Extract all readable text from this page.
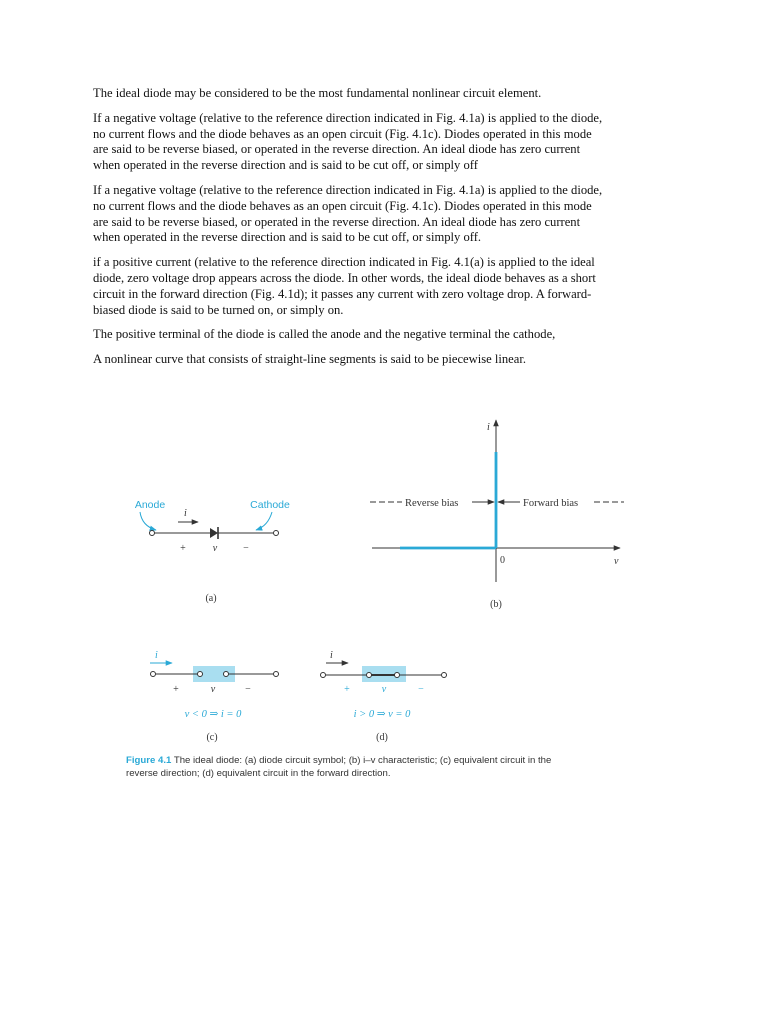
The ideal diode may be considered to be the most fundamental nonlinear circuit element.

If a negative voltage (relative to the reference direction indicated in Fig. 4.1a) is applied to the diode,
no current flows and the diode behaves as an open circuit (Fig. 4.1c). Diodes operated in this mode
are said to be reverse biased, or operated in the reverse direction. An ideal diode has zero current
when operated in the reverse direction and is said to be cut off, or simply off

If a negative voltage (relative to the reference direction indicated in Fig. 4.1a) is applied to the diode,
no current flows and the diode behaves as an open circuit (Fig. 4.1c). Diodes operated in this mode
are said to be reverse biased, or operated in the reverse direction. An ideal diode has zero current
when operated in the reverse direction and is said to be cut off, or simply off.

if a positive current (relative to the reference direction indicated in Fig. 4.1(a) is applied to the ideal
diode, zero voltage drop appears across the diode. In other words, the ideal diode behaves as a short
circuit in the forward direction (Fig. 4.1d); it passes any current with zero voltage drop. A forward-
biased diode is said to be turned on, or simply on.

The positive terminal of the diode is called the anode and the negative terminal the cathode,

A nonlinear curve that consists of straight-line segments is said to be piecewise linear.

Anode	Cathode
i
+	v	−
(a)
i
v
0
Reverse bias	Forward bias
(b)
i
+	v	−
v < 0 ⇒ i = 0
(c)
i
+	v	−
i > 0 ⇒ v = 0
(d)
Figure 4.1 The ideal diode: (a) diode circuit symbol; (b) i–v characteristic; (c) equivalent circuit in the
reverse direction; (d) equivalent circuit in the forward direction.
